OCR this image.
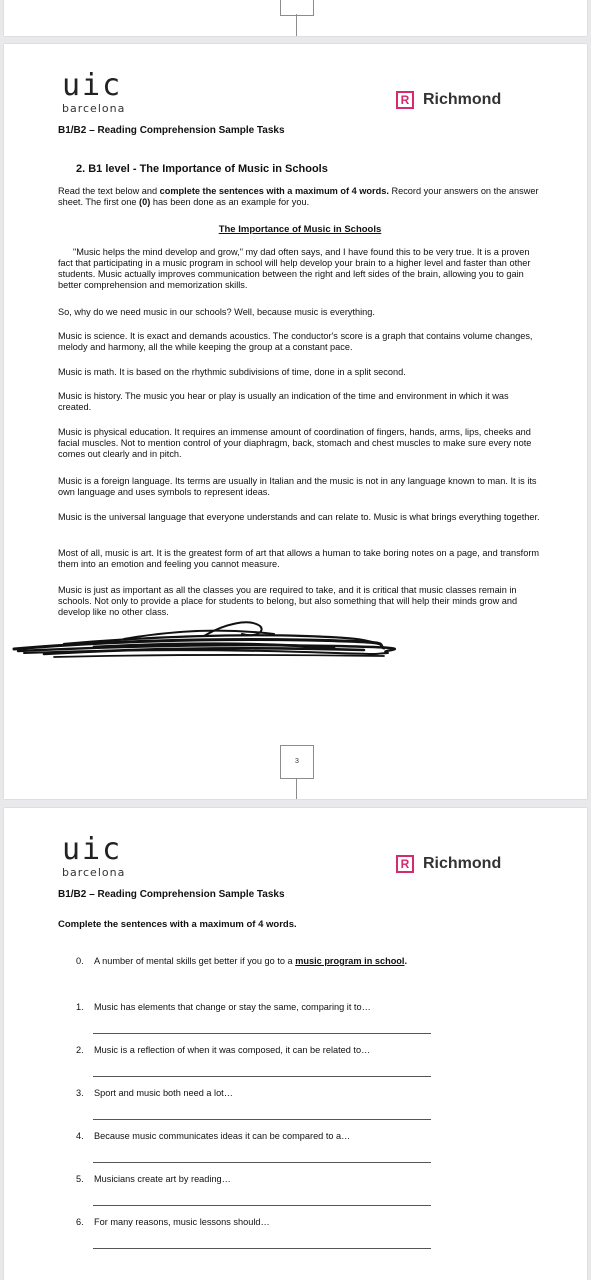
uic
barcelona
R Richmond
B1/B2 – Reading Comprehension Sample Tasks
2. B1 level - The Importance of Music in Schools

Read the text below and complete the sentences with a maximum of 4 words. Record your answers on the answer sheet. The first one (0) has been done as an example for you.

The Importance of Music in Schools

"Music helps the mind develop and grow," my dad often says, and I have found this to be very true. It is a proven fact that participating in a music program in school will help develop your brain to a higher level and faster than other students. Music actually improves communication between the right and left sides of the brain, allowing you to gain better comprehension and memorization skills.

So, why do we need music in our schools? Well, because music is everything.

Music is science. It is exact and demands acoustics. The conductor's score is a graph that contains volume changes, melody and harmony, all the while keeping the group at a constant pace.

Music is math. It is based on the rhythmic subdivisions of time, done in a split second.

Music is history. The music you hear or play is usually an indication of the time and environment in which it was created.

Music is physical education. It requires an immense amount of coordination of fingers, hands, arms, lips, cheeks and facial muscles. Not to mention control of your diaphragm, back, stomach and chest muscles to make sure every note comes out clearly and in pitch.

Music is a foreign language. Its terms are usually in Italian and the music is not in any language known to man. It is its own language and uses symbols to represent ideas.

Music is the universal language that everyone understands and can relate to. Music is what brings everything together.

Most of all, music is art. It is the greatest form of art that allows a human to take boring notes on a page, and transform them into an emotion and feeling you cannot measure.

Music is just as important as all the classes you are required to take, and it is critical that music classes remain in schools. Not only to provide a place for students to belong, but also something that will help their minds grow and develop like no other class.

3
uic
barcelona
R Richmond
B1/B2 – Reading Comprehension Sample Tasks
Complete the sentences with a maximum of 4 words.
0. A number of mental skills get better if you go to a music program in school.
1. Music has elements that change or stay the same, comparing it to…
2. Music is a reflection of when it was composed, it can be related to…
3. Sport and music both need a lot…
4. Because music communicates ideas it can be compared to a…
5. Musicians create art by reading…
6. For many reasons, music lessons should…
